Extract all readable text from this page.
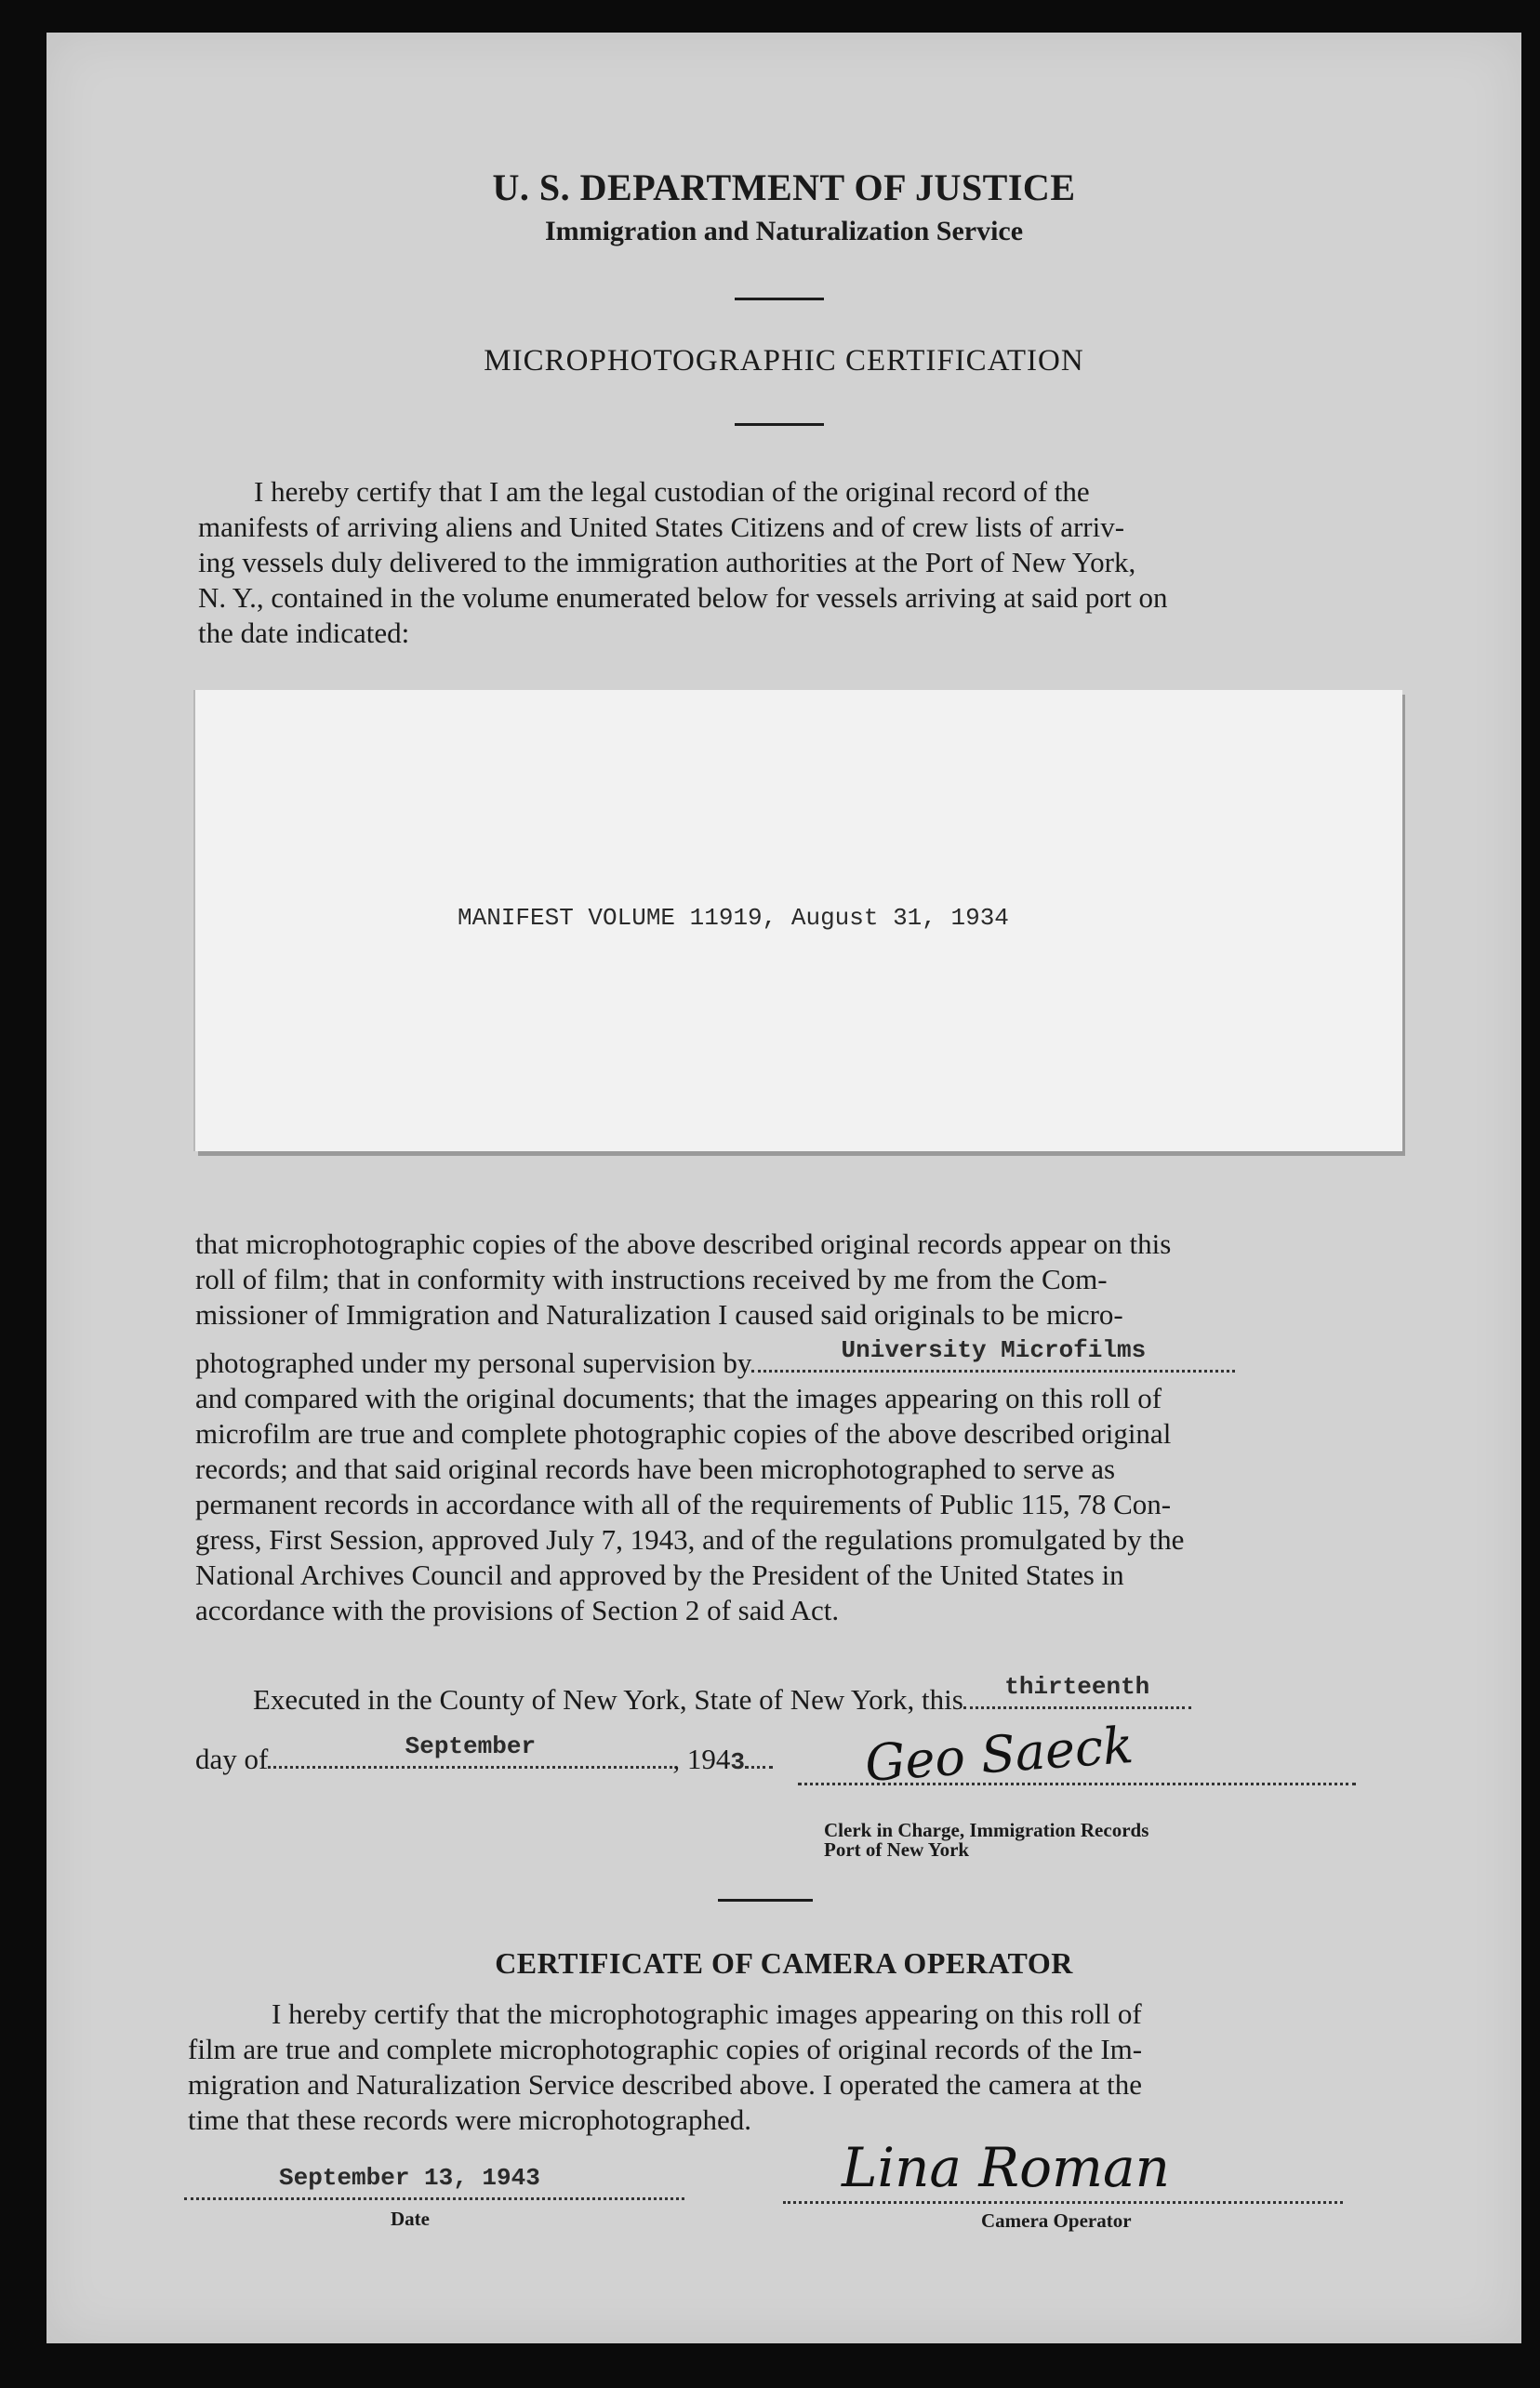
U. S. DEPARTMENT OF JUSTICE
Immigration and Naturalization Service
MICROPHOTOGRAPHIC CERTIFICATION
I hereby certify that I am the legal custodian of the original record of the
manifests of arriving aliens and United States Citizens and of crew lists of arriv-
ing vessels duly delivered to the immigration authorities at the Port of New York,
N. Y., contained in the volume enumerated below for vessels arriving at said port on
the date indicated:
MANIFEST VOLUME 11919, August 31, 1934
that microphotographic copies of the above described original records appear on this
roll of film; that in conformity with instructions received by me from the Com-
missioner of Immigration and Naturalization I caused said originals to be micro-
photographed under my personal supervision by	University Microfilms
and compared with the original documents; that the images appearing on this roll of
microfilm are true and complete photographic copies of the above described original
records; and that said original records have been microphotographed to serve as
permanent records in accordance with all of the requirements of Public 115, 78 Con-
gress, First Session, approved July 7, 1943, and of the regulations promulgated by the
National Archives Council and approved by the President of the United States in
accordance with the provisions of Section 2 of said Act.
Executed in the County of New York, State of New York, this	thirteenth
day of	September	, 1943	Geo Saeck
Clerk in Charge, Immigration Records
Port of New York
CERTIFICATE OF CAMERA OPERATOR
I hereby certify that the microphotographic images appearing on this roll of
film are true and complete microphotographic copies of original records of the Im-
migration and Naturalization Service described above. I operated the camera at the
time that these records were microphotographed.
September 13, 1943
Date
Lina Roman
Camera Operator
